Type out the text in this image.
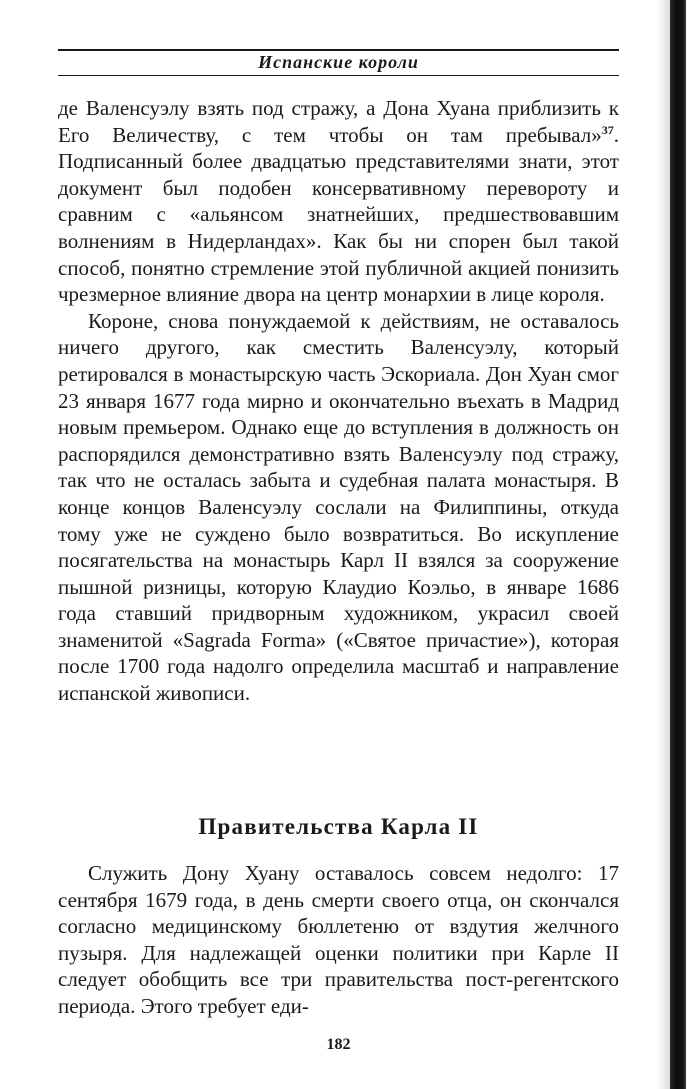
Испанские короли

де Валенсуэлу взять под стражу, а Дона Хуана приблизить к Его Величеству, с тем чтобы он там пребывал»$^{37}$. Подписанный более двадцатью представителями знати, этот документ был подобен консервативному перевороту и сравним с «альянсом знатнейших, предшествовавшим волнениям в Нидерландах». Как бы ни спорен был такой способ, понятно стремление этой публичной акцией понизить чрезмерное влияние двора на центр монархии в лице короля.

Короне, снова понуждаемой к действиям, не оставалось ничего другого, как сместить Валенсуэлу, который ретировался в монастырскую часть Эскориала. Дон Хуан смог 23 января 1677 года мирно и окончательно въехать в Мадрид новым премьером. Однако еще до вступления в должность он распорядился демонстративно взять Валенсуэлу под стражу, так что не осталась забыта и судебная палата монастыря. В конце концов Валенсуэлу сослали на Филиппины, откуда тому уже не суждено было возвратиться. Во искупление посягательства на монастырь Карл II взялся за сооружение пышной ризницы, которую Клаудио Коэльо, в январе 1686 года ставший придворным художником, украсил своей знаменитой «Sagrada Forma» («Святое причастие»), которая после 1700 года надолго определила масштаб и направление испанской живописи.

Правительства Карла II

Служить Дону Хуану оставалось совсем недолго: 17 сентября 1679 года, в день смерти своего отца, он скончался согласно медицинскому бюллетеню от вздутия желчного пузыря. Для надлежащей оценки политики при Карле II следует обобщить все три правительства пост-регентского периода. Этого требует еди-

182
